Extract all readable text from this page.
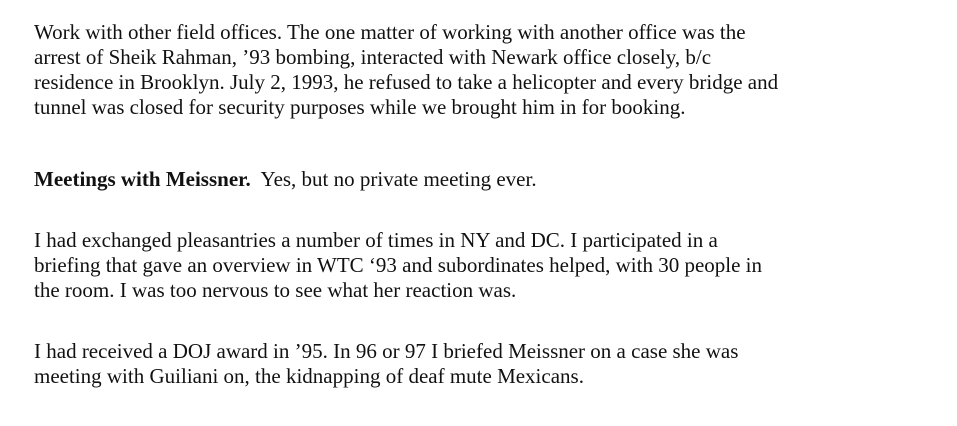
Work with other field offices. The one matter of working with another office was the
arrest of Sheik Rahman, ’93 bombing, interacted with Newark office closely, b/c
residence in Brooklyn. July 2, 1993, he refused to take a helicopter and every bridge and
tunnel was closed for security purposes while we brought him in for booking.

Meetings with Meissner.  Yes, but no private meeting ever.

I had exchanged pleasantries a number of times in NY and DC. I participated in a
briefing that gave an overview in WTC ‘93 and subordinates helped, with 30 people in
the room. I was too nervous to see what her reaction was.

I had received a DOJ award in ’95. In 96 or 97 I briefed Meissner on a case she was
meeting with Guiliani on, the kidnapping of deaf mute Mexicans.
